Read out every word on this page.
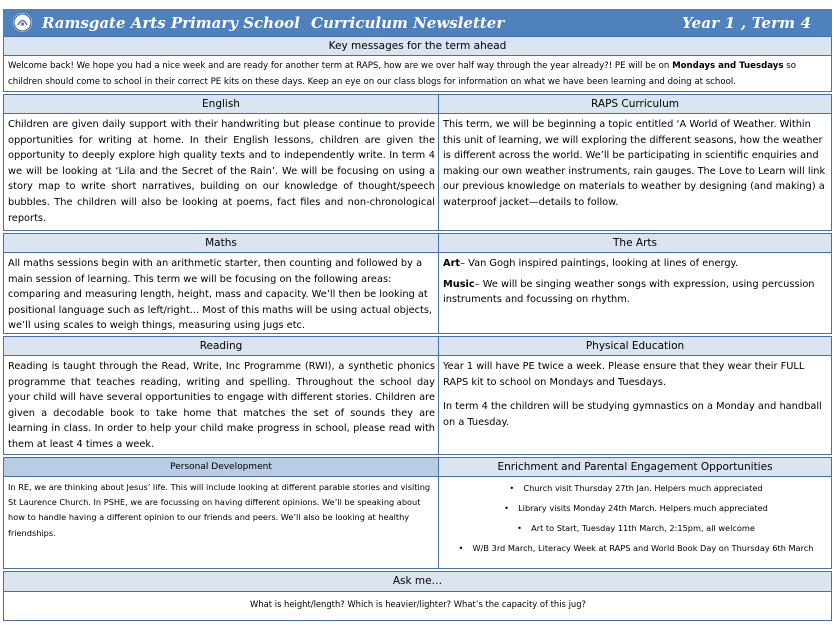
Ramsgate Arts Primary School Curriculum Newsletter	Year 1 , Term 4
Key messages for the term ahead
Welcome back! We hope you had a nice week and are ready for another term at RAPS, how are we over half way through the year already?! PE will be on Mondays and Tuesdays so children should come to school in their correct PE kits on these days. Keep an eye on our class blogs for information on what we have been learning and doing at school.
English
Children are given daily support with their handwriting but please continue to provide opportunities for writing at home. In their English lessons, children are given the opportunity to deeply explore high quality texts and to independently write. In term 4 we will be looking at ‘Lila and the Secret of the Rain’. We will be focusing on using a story map to write short narratives, building on our knowledge of thought/speech bubbles. The children will also be looking at poems, fact files and non-chronological reports.
RAPS Curriculum
This term, we will be beginning a topic entitled ‘A World of Weather. Within this unit of learning, we will exploring the different seasons, how the weather is different across the world. We’ll be participating in scientific enquiries and making our own weather instruments, rain gauges. The Love to Learn will link our previous knowledge on materials to weather by designing (and making) a waterproof jacket—details to follow.
Maths
All maths sessions begin with an arithmetic starter, then counting and followed by a main session of learning. This term we will be focusing on the following areas: comparing and measuring length, height, mass and capacity. We’ll then be looking at positional language such as left/right... Most of this maths will be using actual objects, we’ll using scales to weigh things, measuring using jugs etc.
The Arts

Art– Van Gogh inspired paintings, looking at lines of energy.

Music– We will be singing weather songs with expression, using percussion instruments and focussing on rhythm.

Reading
Reading is taught through the Read, Write, Inc Programme (RWI), a synthetic phonics programme that teaches reading, writing and spelling. Throughout the school day your child will have several opportunities to engage with different stories. Children are given a decodable book to take home that matches the set of sounds they are learning in class. In order to help your child make progress in school, please read with them at least 4 times a week.
Physical Education

Year 1 will have PE twice a week. Please ensure that they wear their FULL RAPS kit to school on Mondays and Tuesdays.

In term 4 the children will be studying gymnastics on a Monday and handball on a Tuesday.

Personal Development
In RE, we are thinking about Jesus’ life. This will include looking at different parable stories and visiting St Laurence Church. In PSHE, we are focussing on having different opinions. We’ll be speaking about how to handle having a different opinion to our friends and peers. We’ll also be looking at healthy friendships.
Enrichment and Parental Engagement Opportunities
• Church visit Thursday 27th Jan. Helpers much appreciated
• Library visits Monday 24th March. Helpers much appreciated
• Art to Start, Tuesday 11th March, 2:15pm, all welcome
• W/B 3rd March, Literacy Week at RAPS and World Book Day on Thursday 6th March
Ask me…
What is height/length? Which is heavier/lighter? What’s the capacity of this jug?
